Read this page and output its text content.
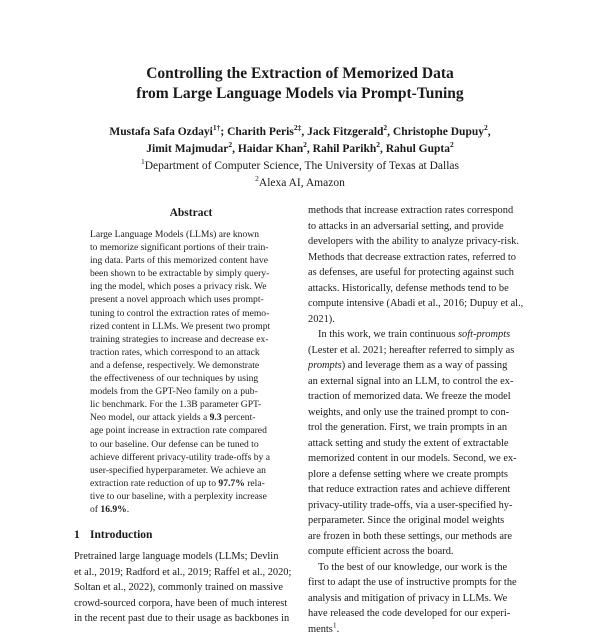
Controlling the Extraction of Memorized Data
from Large Language Models via Prompt-Tuning
Mustafa Safa Ozdayi$^{1\dagger}$; Charith Peris$^{2\ddagger}$, Jack Fitzgerald$^2$, Christophe Dupuy$^2$,
Jimit Majmudar$^2$, Haidar Khan$^2$, Rahil Parikh$^2$, Rahul Gupta$^2$
$^1$Department of Computer Science, The University of Texas at Dallas
$^2$Alexa AI, Amazon
Abstract
Large Language Models (LLMs) are known
to memorize significant portions of their train-
ing data. Parts of this memorized content have
been shown to be extractable by simply query-
ing the model, which poses a privacy risk. We
present a novel approach which uses prompt-
tuning to control the extraction rates of memo-
rized content in LLMs. We present two prompt
training strategies to increase and decrease ex-
traction rates, which correspond to an attack
and a defense, respectively. We demonstrate
the effectiveness of our techniques by using
models from the GPT-Neo family on a pub-
lic benchmark. For the 1.3B parameter GPT-
Neo model, our attack yields a 9.3 percent-
age point increase in extraction rate compared
to our baseline. Our defense can be tuned to
achieve different privacy-utility trade-offs by a
user-specified hyperparameter. We achieve an
extraction rate reduction of up to 97.7% rela-
tive to our baseline, with a perplexity increase
of 16.9%.
1 Introduction
Pretrained large language models (LLMs; Devlin
et al., 2019; Radford et al., 2019; Raffel et al., 2020;
Soltan et al., 2022), commonly trained on massive
crowd-sourced corpora, have been of much interest
in the recent past due to their usage as backbones in
methods that increase extraction rates correspond
to attacks in an adversarial setting, and provide
developers with the ability to analyze privacy-risk.
Methods that decrease extraction rates, referred to
as defenses, are useful for protecting against such
attacks. Historically, defense methods tend to be
compute intensive (Abadi et al., 2016; Dupuy et al.,
2021).
In this work, we train continuous soft-prompts
(Lester et al. 2021; hereafter referred to simply as
prompts) and leverage them as a way of passing
an external signal into an LLM, to control the ex-
traction of memorized data. We freeze the model
weights, and only use the trained prompt to con-
trol the generation. First, we train prompts in an
attack setting and study the extent of extractable
memorized content in our models. Second, we ex-
plore a defense setting where we create prompts
that reduce extraction rates and achieve different
privacy-utility trade-offs, via a user-specified hy-
perparameter. Since the original model weights
are frozen in both these settings, our methods are
compute efficient across the board.
To the best of our knowledge, our work is the
first to adapt the use of instructive prompts for the
analysis and mitigation of privacy in LLMs. We
have released the code developed for our experi-
ments$^1$.
